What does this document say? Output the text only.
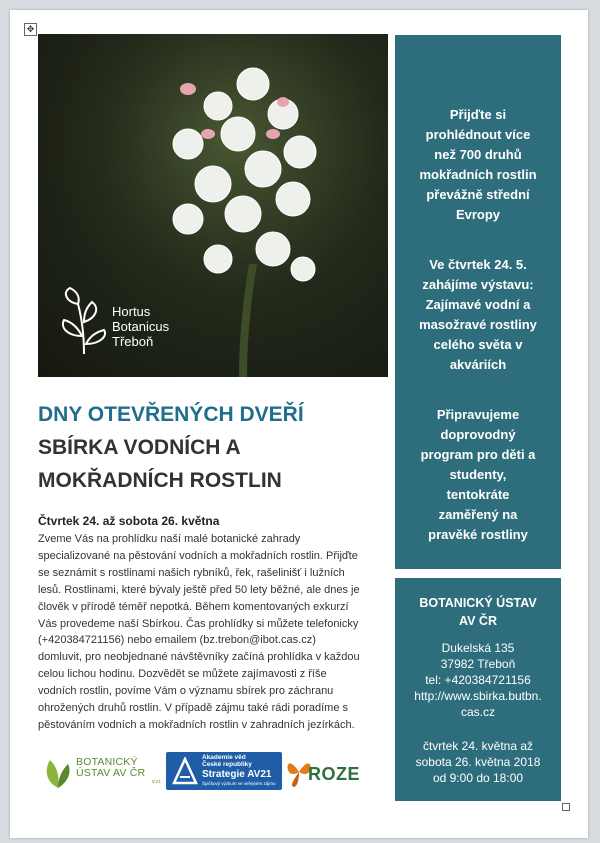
✥
Hortus
Botanicus
Třeboň

Přijďte si
prohlédnout více
než 700 druhů
mokřadních rostlin
převážně střední
Evropy

Ve čtvrtek 24. 5.
zahájíme výstavu:
Zajímavé vodní a
masožravé rostliny
celého světa v
akváriích

Připravujeme
doprovodný
program pro děti a
studenty,
tentokráte
zaměřený na
pravěké rostliny

BOTANICKÝ ÚSTAV
AV ČR
Dukelská 135
37982 Třeboň
tel: +420384721156
http://www.sbirka.butbn.
cas.cz
čtvrtek 24. května až
sobota 26. května 2018
od 9:00 do 18:00
DNY OTEVŘENÝCH DVEŘÍ
SBÍRKA VODNÍCH A
MOKŘADNÍCH ROSTLIN
Čtvrtek 24. až sobota 26. května
Zveme Vás na prohlídku naší malé botanické zahrady
specializované na pěstování vodních a mokřadních rostlin. Přijďte
se seznámit s rostlinami našich rybníků, řek, rašelinišť i lužních
lesů. Rostlinami, které bývaly ještě před 50 lety běžné, ale dnes je
člověk v přírodě téměř nepotká. Během komentovaných exkurzí
Vás provedeme naší Sbírkou. Čas prohlídky si můžete telefonicky
(+420384721156) nebo emailem (bz.trebon@ibot.cas.cz)
domluvit, pro neobjednané návštěvníky začíná prohlídka v každou
celou lichou hodinu. Dozvědět se můžete zajímavosti z říše
vodních rostlin, povíme Vám o významu sbírek pro záchranu
ohrožených druhů rostlin. V případě zájmu také rádi poradíme s
pěstováním vodních a mokřadních rostlin v zahradních jezírkách.
BOTANICKÝ
ÚSTAV AV ČR
v.v.i.
Akademie věd
České republiky
Strategie AV21
Špičkový výzkum ve veřejném zájmu ROZE
